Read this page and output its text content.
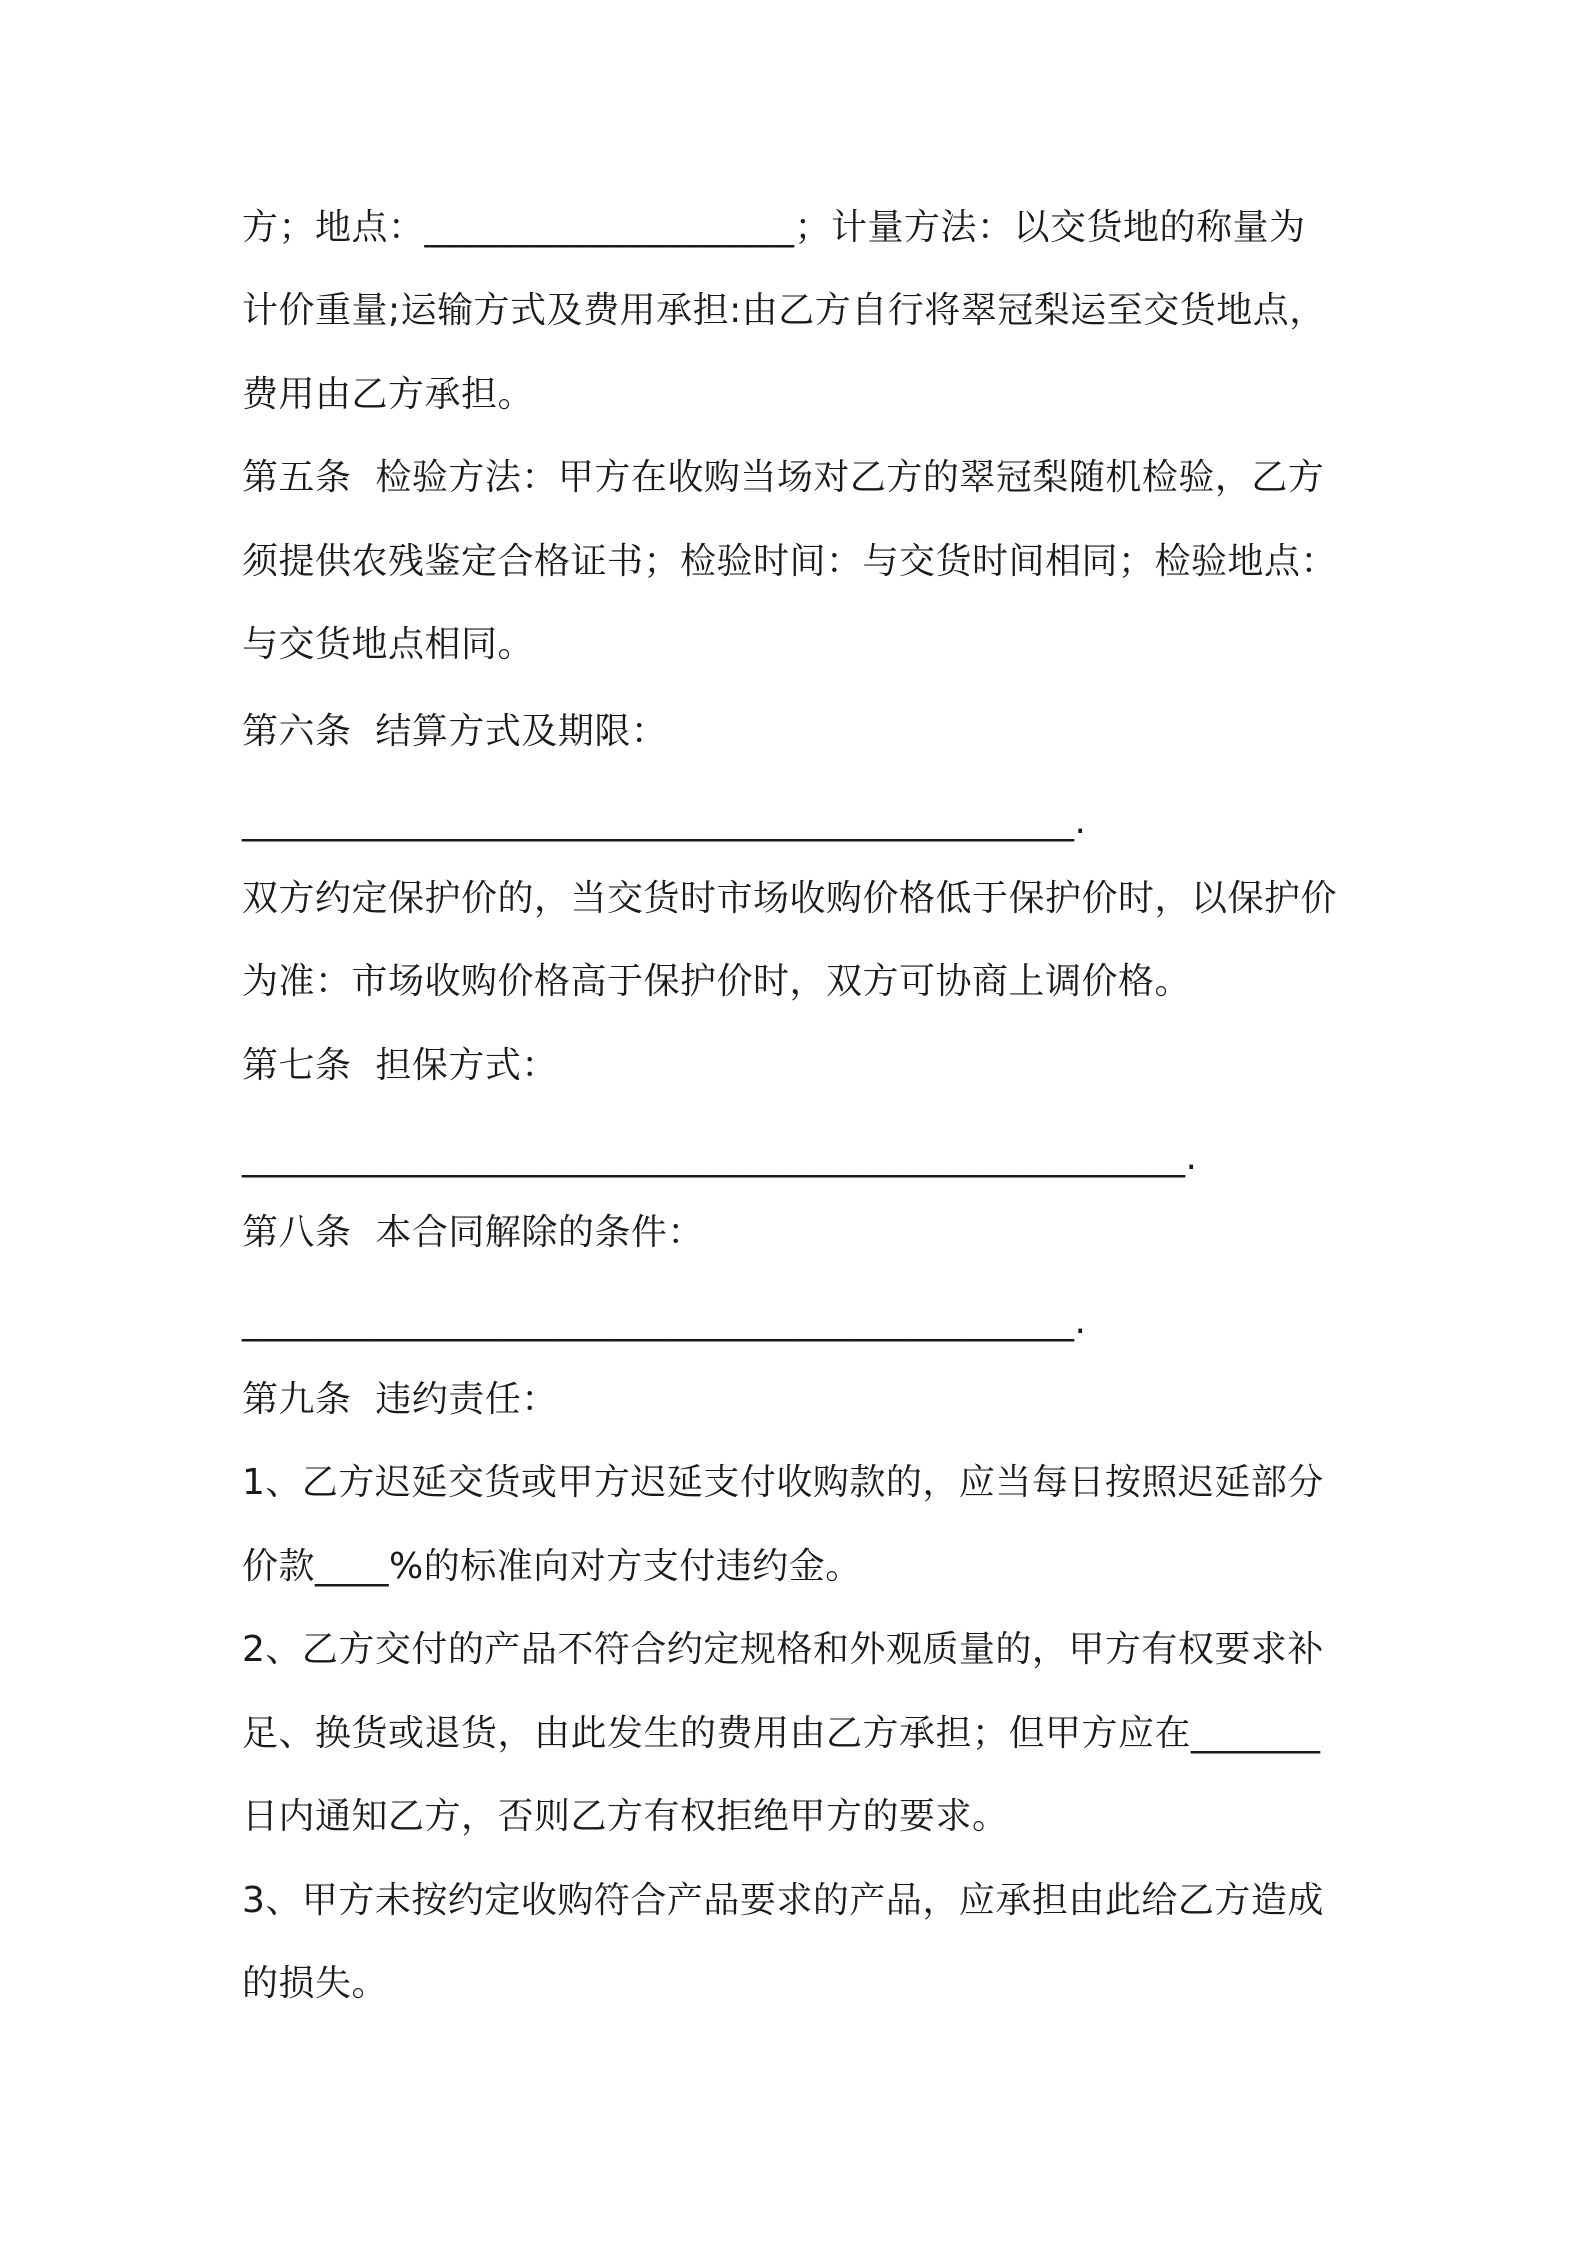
方；地点：____________________；计量方法：以交货地的称量为
计价重量;运输方式及费用承担:由乙方自行将翠冠梨运至交货地点，
费用由乙方承担。
第五条  检验方法：甲方在收购当场对乙方的翠冠梨随机检验，乙方
须提供农残鉴定合格证书；检验时间：与交货时间相同；检验地点：
与交货地点相同。
第六条  结算方式及期限：
_____________________________________________.
双方约定保护价的，当交货时市场收购价格低于保护价时，以保护价
为准：市场收购价格高于保护价时，双方可协商上调价格。
第七条  担保方式：
___________________________________________________.
第八条  本合同解除的条件：
_____________________________________________.
第九条  违约责任：
1、乙方迟延交货或甲方迟延支付收购款的，应当每日按照迟延部分
价款____%的标准向对方支付违约金。
2、乙方交付的产品不符合约定规格和外观质量的，甲方有权要求补
足、换货或退货，由此发生的费用由乙方承担；但甲方应在_______
日内通知乙方，否则乙方有权拒绝甲方的要求。
3、甲方未按约定收购符合产品要求的产品，应承担由此给乙方造成
的损失。
